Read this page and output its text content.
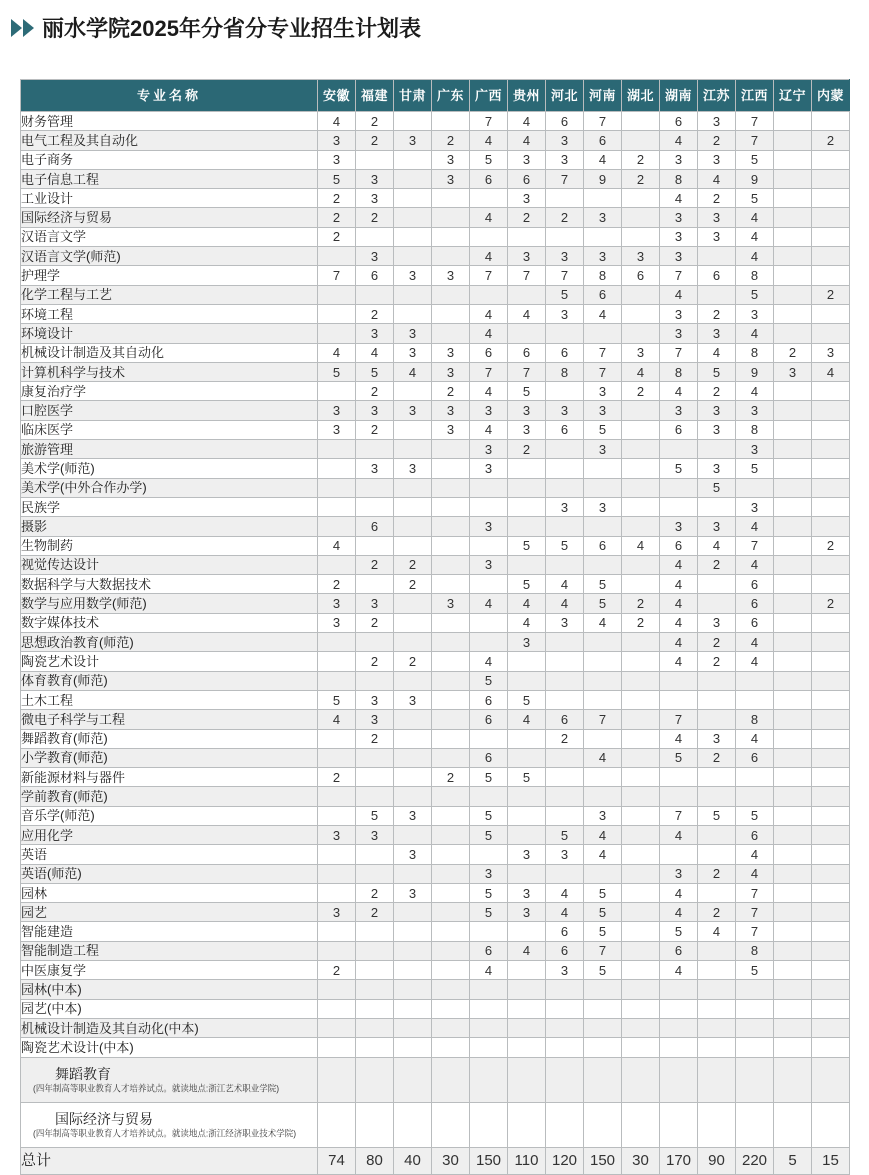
丽水学院2025年分省分专业招生计划表
专业名称	安徽	福建	甘肃	广东	广西	贵州	河北	河南	湖北	湖南	江苏	江西	辽宁	内蒙
财务管理	4	2			7	4	6	7		6	3	7		
电气工程及其自动化	3	2	3	2	4	4	3	6		4	2	7		2
电子商务	3			3	5	3	3	4	2	3	3	5		
电子信息工程	5	3		3	6	6	7	9	2	8	4	9		
工业设计	2	3				3				4	2	5		
国际经济与贸易	2	2			4	2	2	3		3	3	4		
汉语言文学	2									3	3	4		
汉语言文学(师范)		3			4	3	3	3	3	3		4		
护理学	7	6	3	3	7	7	7	8	6	7	6	8		
化学工程与工艺							5	6		4		5		2
环境工程		2			4	4	3	4		3	2	3		
环境设计		3	3		4					3	3	4		
机械设计制造及其自动化	4	4	3	3	6	6	6	7	3	7	4	8	2	3
计算机科学与技术	5	5	4	3	7	7	8	7	4	8	5	9	3	4
康复治疗学		2		2	4	5		3	2	4	2	4		
口腔医学	3	3	3	3	3	3	3	3		3	3	3		
临床医学	3	2		3	4	3	6	5		6	3	8		
旅游管理					3	2		3				3		
美术学(师范)		3	3		3					5	3	5		
美术学(中外合作办学)											5			
民族学							3	3				3		
摄影		6			3					3	3	4		
生物制药	4					5	5	6	4	6	4	7		2
视觉传达设计		2	2		3					4	2	4		
数据科学与大数据技术	2		2			5	4	5		4		6		
数学与应用数学(师范)	3	3		3	4	4	4	5	2	4		6		2
数字媒体技术	3	2				4	3	4	2	4	3	6		
思想政治教育(师范)						3				4	2	4		
陶瓷艺术设计		2	2		4					4	2	4		
体育教育(师范)					5									
土木工程	5	3	3		6	5								
微电子科学与工程	4	3			6	4	6	7		7		8		
舞蹈教育(师范)		2					2			4	3	4		
小学教育(师范)					6			4		5	2	6		
新能源材料与器件	2			2	5	5								
学前教育(师范)														
音乐学(师范)		5	3		5			3		7	5	5		
应用化学	3	3			5		5	4		4		6		
英语			3			3	3	4				4		
英语(师范)					3					3	2	4		
园林		2	3		5	3	4	5		4		7		
园艺	3	2			5	3	4	5		4	2	7		
智能建造							6	5		5	4	7		
智能制造工程					6	4	6	7		6		8		
中医康复学	2				4		3	5		4		5		
园林(中本)														
园艺(中本)														
机械设计制造及其自动化(中本)														
陶瓷艺术设计(中本)														

舞蹈教育
(四年制高等职业教育人才培养试点。就读地点:浙江艺术职业学院)														

国际经济与贸易
(四年制高等职业教育人才培养试点。就读地点:浙江经济职业技术学院)														

总计	74	80	40	30	150	110	120	150	30	170	90	220	5	15
